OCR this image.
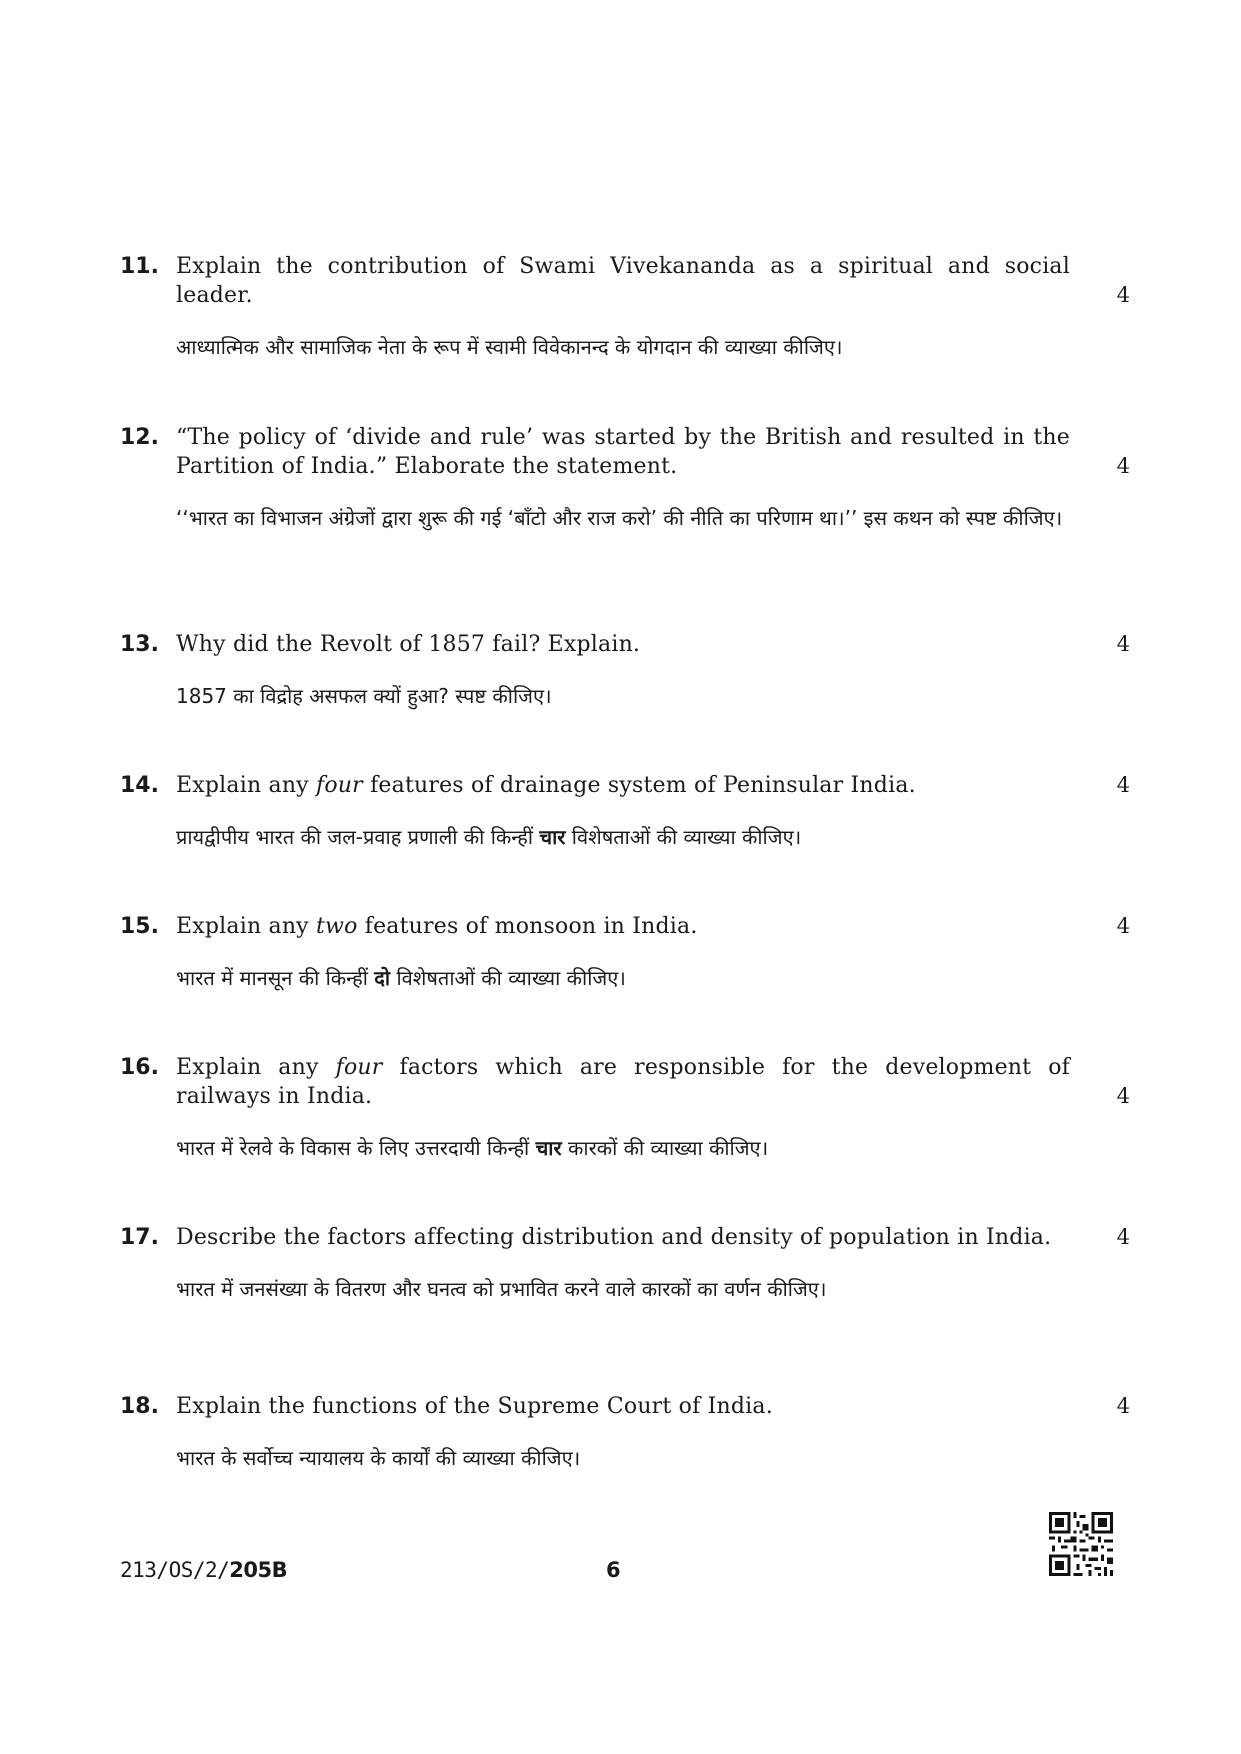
11. Explain the contribution of Swami Vivekananda as a spiritual and social leader.	4
आध्यात्मिक और सामाजिक नेता के रूप में स्वामी विवेकानन्द के योगदान की व्याख्या कीजिए।
12. “The policy of ‘divide and rule’ was started by the British and resulted in the Partition of India.” Elaborate the statement.	4
‘‘भारत का विभाजन अंग्रेजों द्वारा शुरू की गई ‘बाँटो और राज करो’ की नीति का परिणाम था।’’ इस कथन को स्पष्ट कीजिए।
13. Why did the Revolt of 1857 fail? Explain.	4
1857 का विद्रोह असफल क्यों हुआ? स्पष्ट कीजिए।
14. Explain any four features of drainage system of Peninsular India.	4
प्रायद्वीपीय भारत की जल-प्रवाह प्रणाली की किन्हीं चार विशेषताओं की व्याख्या कीजिए।
15. Explain any two features of monsoon in India.	4
भारत में मानसून की किन्हीं दो विशेषताओं की व्याख्या कीजिए।
16. Explain any four factors which are responsible for the development of railways in India.	4
भारत में रेलवे के विकास के लिए उत्तरदायी किन्हीं चार कारकों की व्याख्या कीजिए।
17. Describe the factors affecting distribution and density of population in India.	4
भारत में जनसंख्या के वितरण और घनत्व को प्रभावित करने वाले कारकों का वर्णन कीजिए।
18. Explain the functions of the Supreme Court of India.	4
भारत के सर्वोच्च न्यायालय के कार्यों की व्याख्या कीजिए।
213/OS/2/205B	6
